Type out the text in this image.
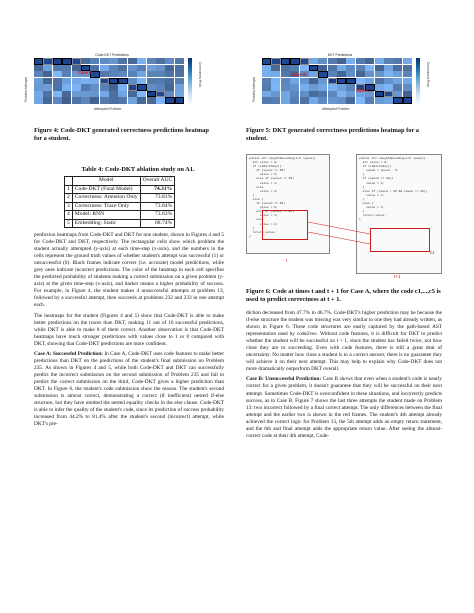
Code-DKT Predictions
Problem Attempts
Attempted Problem
Correctness Prob.
Case B
Figure 4: Code-DKT generated correctness predictions heatmap for a student.
DKT Predictions
Problem Attempts
Attempted Problem
Correctness Prob.
Case B
Case C
Figure 5: DKT generated correctness predictions heatmap for a student.
Table 4: Code-DKT ablation study on A1.
	Model	Overall AUC
1	Code-DKT (Final Model)	74.31%
2	Correctness: Attention Only	73.81%
3	Correctness: Trace Only	73.84%
4	Model: RNN	73.63%
5	Embedding: Static	68.74%
public int caughtSpeeding(int speed){
int value = 0;
if (isBirthday){
if (speed <= 65)
value = 0;
else if (speed <= 85)
value = 1;
else
value = 2;
}
else {
if (speed <= 60)
value = 0;
else if (speed <= 80)
value = 1;
else
value = 2;
}
return value;
}
public int caughtSpeeding(int speed){
int value = 0;
if (isBirthday){
speed = speed - 5;
}
if (speed <= 60){
value = 0;
}
else if (speed > 60 && speed <= 80){
value = 1;
}
else {
value = 2;
}
return value;
}
t
t+1
c1
Figure 6: Code at times t and t + 1 for Case A, where the code c1,...,c5 is used to predict correctness at t + 1.

prediction heatmaps from Code-DKT and DKT for one student, shown in Figures 4 and 5 for Code-DKT and DKT, respectively. The rectangular cells show which problem the student actually attempted (y-axis) at each time-step (x-axis), and the numbers in the cells represent the ground truth values of whether student's attempt was successful (1) or unsuccessful (0). Black frames indicate correct (i.e. accurate) model predictions, while grey ones indicate incorrect predictions. The color of the heatmap in each cell specifies the predicted probability of students making a correct submission on a given problem (y-axis) at the given time-step (x-axis), and darker means a higher probability of success. For example, in Figure 4, the student makes 4 unsuccessful attempts at problem 13, followed by a successful attempt, then succeeds at problems 232 and 233 in one attempt each.

The heatmaps for the student (Figures 4 and 5) show that Code-DKT is able to make better predictions on the traces than DKT, making 11 out of 16 successful predictions, while DKT is able to make 8 of them correct. Another observation is that Code-DKT heatmaps have much stronger predictions with values close to 1 or 0 compared with DKT, showing that Code-DKT predictions are more confident.

Case A: Successful Prediction: In Case A, Code-DKT uses code features to make better predictions than DKT on the predictions of the student's final submission on Problem 235. As shown in Figures 4 and 5, while both Code-DKT and DKT can successfully predict the incorrect submission on the second submission of Problem 235 and fail to predict the correct submission on the third, Code-DKT gives a higher prediction than DKT. In Figure 6, the student's code submission show the reason. The student's second submission is almost correct, demonstrating a correct (if inefficient) nested if-else structure, but they have omitted the nested equality checks in the else clause. Code-DKT is able to infer the quality of the student's code, since its prediction of success probability increased from 44.2% to 81.4% after the student's second (incorrect) attempt, while DKT's pre-

diction decreased from 47.7% to 46.7%. Code-DKT's higher prediction may be because the if-else structure the student was missing was very similar to one they had already written, as shown in Figure 6. These code structures are easily captured by the path-based AST representation used by code2vec. Without code features, it is difficult for DKT to predict whether the student will be successful on t + 1, since the student has failed twice, not how close they are to succeeding. Even with code features, there is still a great deal of uncertainty. No matter how close a student is to a correct answer, there is no guarantee they will achieve it on their next attempt. This may help to explain why Code-DKT does not more dramatically outperform DKT overall.

Case B: Unsuccessful Prediction: Case B shows that even when a student's code is nearly correct for a given problem, it doesn't guarantee that they will be successful on their next attempt. Sometimes Code-DKT is overconfident in these situations, and incorrectly predicts success, as in Case B. Figure 7 shows the last three attempts the student made on Problem 13: two incorrect followed by a final correct attempt. The only differences between the final attempt and the earlier two is shown in the red frames. The student's 4th attempt already achieved the correct logic for Problem 13, the 5th attempt adds an empty return statement, and the 6th and final attempt adds the appropriate return value. After seeing the almost-correct code at their 4th attempt, Code-
